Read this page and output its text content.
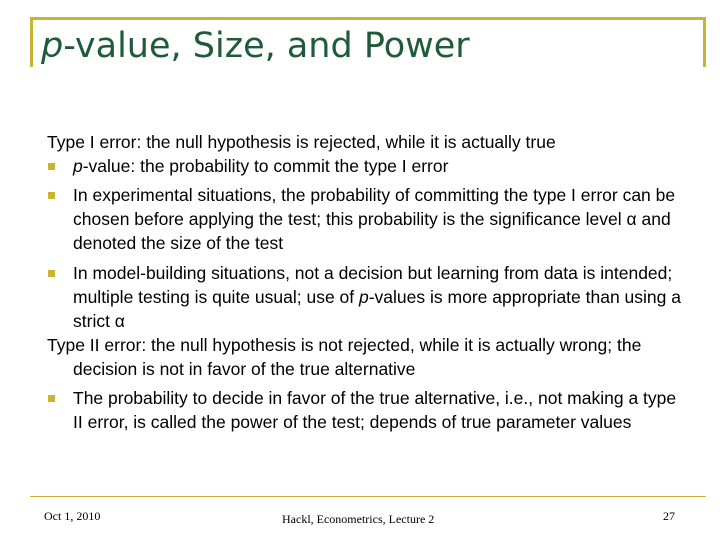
p-value, Size, and Power

Type I error: the null hypothesis is rejected, while it is actually true

p-value: the probability to commit the type I error

In experimental situations, the probability of committing the type I error can be chosen before applying the test; this probability is the significance level α and denoted the size of the test

In model-building situations, not a decision but learning from data is intended; multiple testing is quite usual; use of p-values is more appropriate than using a strict α

Type II error: the null hypothesis is not rejected, while it is actually wrong; the decision is not in favor of the true alternative

The probability to decide in favor of the true alternative, i.e., not making a type II error, is called the power of the test; depends of true parameter values

Oct 1, 2010	Hackl, Econometrics, Lecture 2	27
